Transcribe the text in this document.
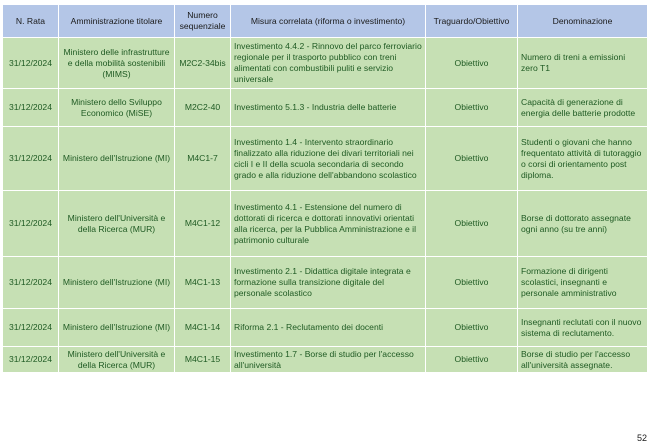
N. Rata	Amministrazione titolare	Numero sequenziale	Misura correlata (riforma o investimento)	Traguardo/Obiettivo	Denominazione
31/12/2024	Ministero delle infrastrutture e della mobilità sostenibili (MIMS)	M2C2-34bis	Investimento 4.4.2 - Rinnovo del parco ferroviario regionale per il trasporto pubblico con treni alimentati con combustibili puliti e servizio universale	Obiettivo	Numero di treni a emissioni zero T1
31/12/2024	Ministero dello Sviluppo Economico (MiSE)	M2C2-40	Investimento 5.1.3 - Industria delle batterie	Obiettivo	Capacità di generazione di energia delle batterie prodotte
31/12/2024	Ministero dell'Istruzione (MI)	M4C1-7	Investimento 1.4 - Intervento straordinario finalizzato alla riduzione dei divari territoriali nei cicli I e II della scuola secondaria di secondo grado e alla riduzione dell'abbandono scolastico	Obiettivo	Studenti o giovani che hanno frequentato attività di tutoraggio o corsi di orientamento post diploma.
31/12/2024	Ministero dell'Università e della Ricerca (MUR)	M4C1-12	Investimento 4.1 - Estensione del numero di dottorati di ricerca e dottorati innovativi orientati alla ricerca, per la Pubblica Amministrazione e il patrimonio culturale	Obiettivo	Borse di dottorato assegnate ogni anno (su tre anni)
31/12/2024	Ministero dell'Istruzione (MI)	M4C1-13	Investimento 2.1 - Didattica digitale integrata e formazione sulla transizione digitale del personale scolastico	Obiettivo	Formazione di dirigenti scolastici, insegnanti e personale amministrativo
31/12/2024	Ministero dell'Istruzione (MI)	M4C1-14	Riforma 2.1 - Reclutamento dei docenti	Obiettivo	Insegnanti reclutati con il nuovo sistema di reclutamento.
31/12/2024	Ministero dell'Università e della Ricerca (MUR)	M4C1-15	Investimento 1.7 - Borse di studio per l'accesso all'università	Obiettivo	Borse di studio per l'accesso all'università assegnate.
52
